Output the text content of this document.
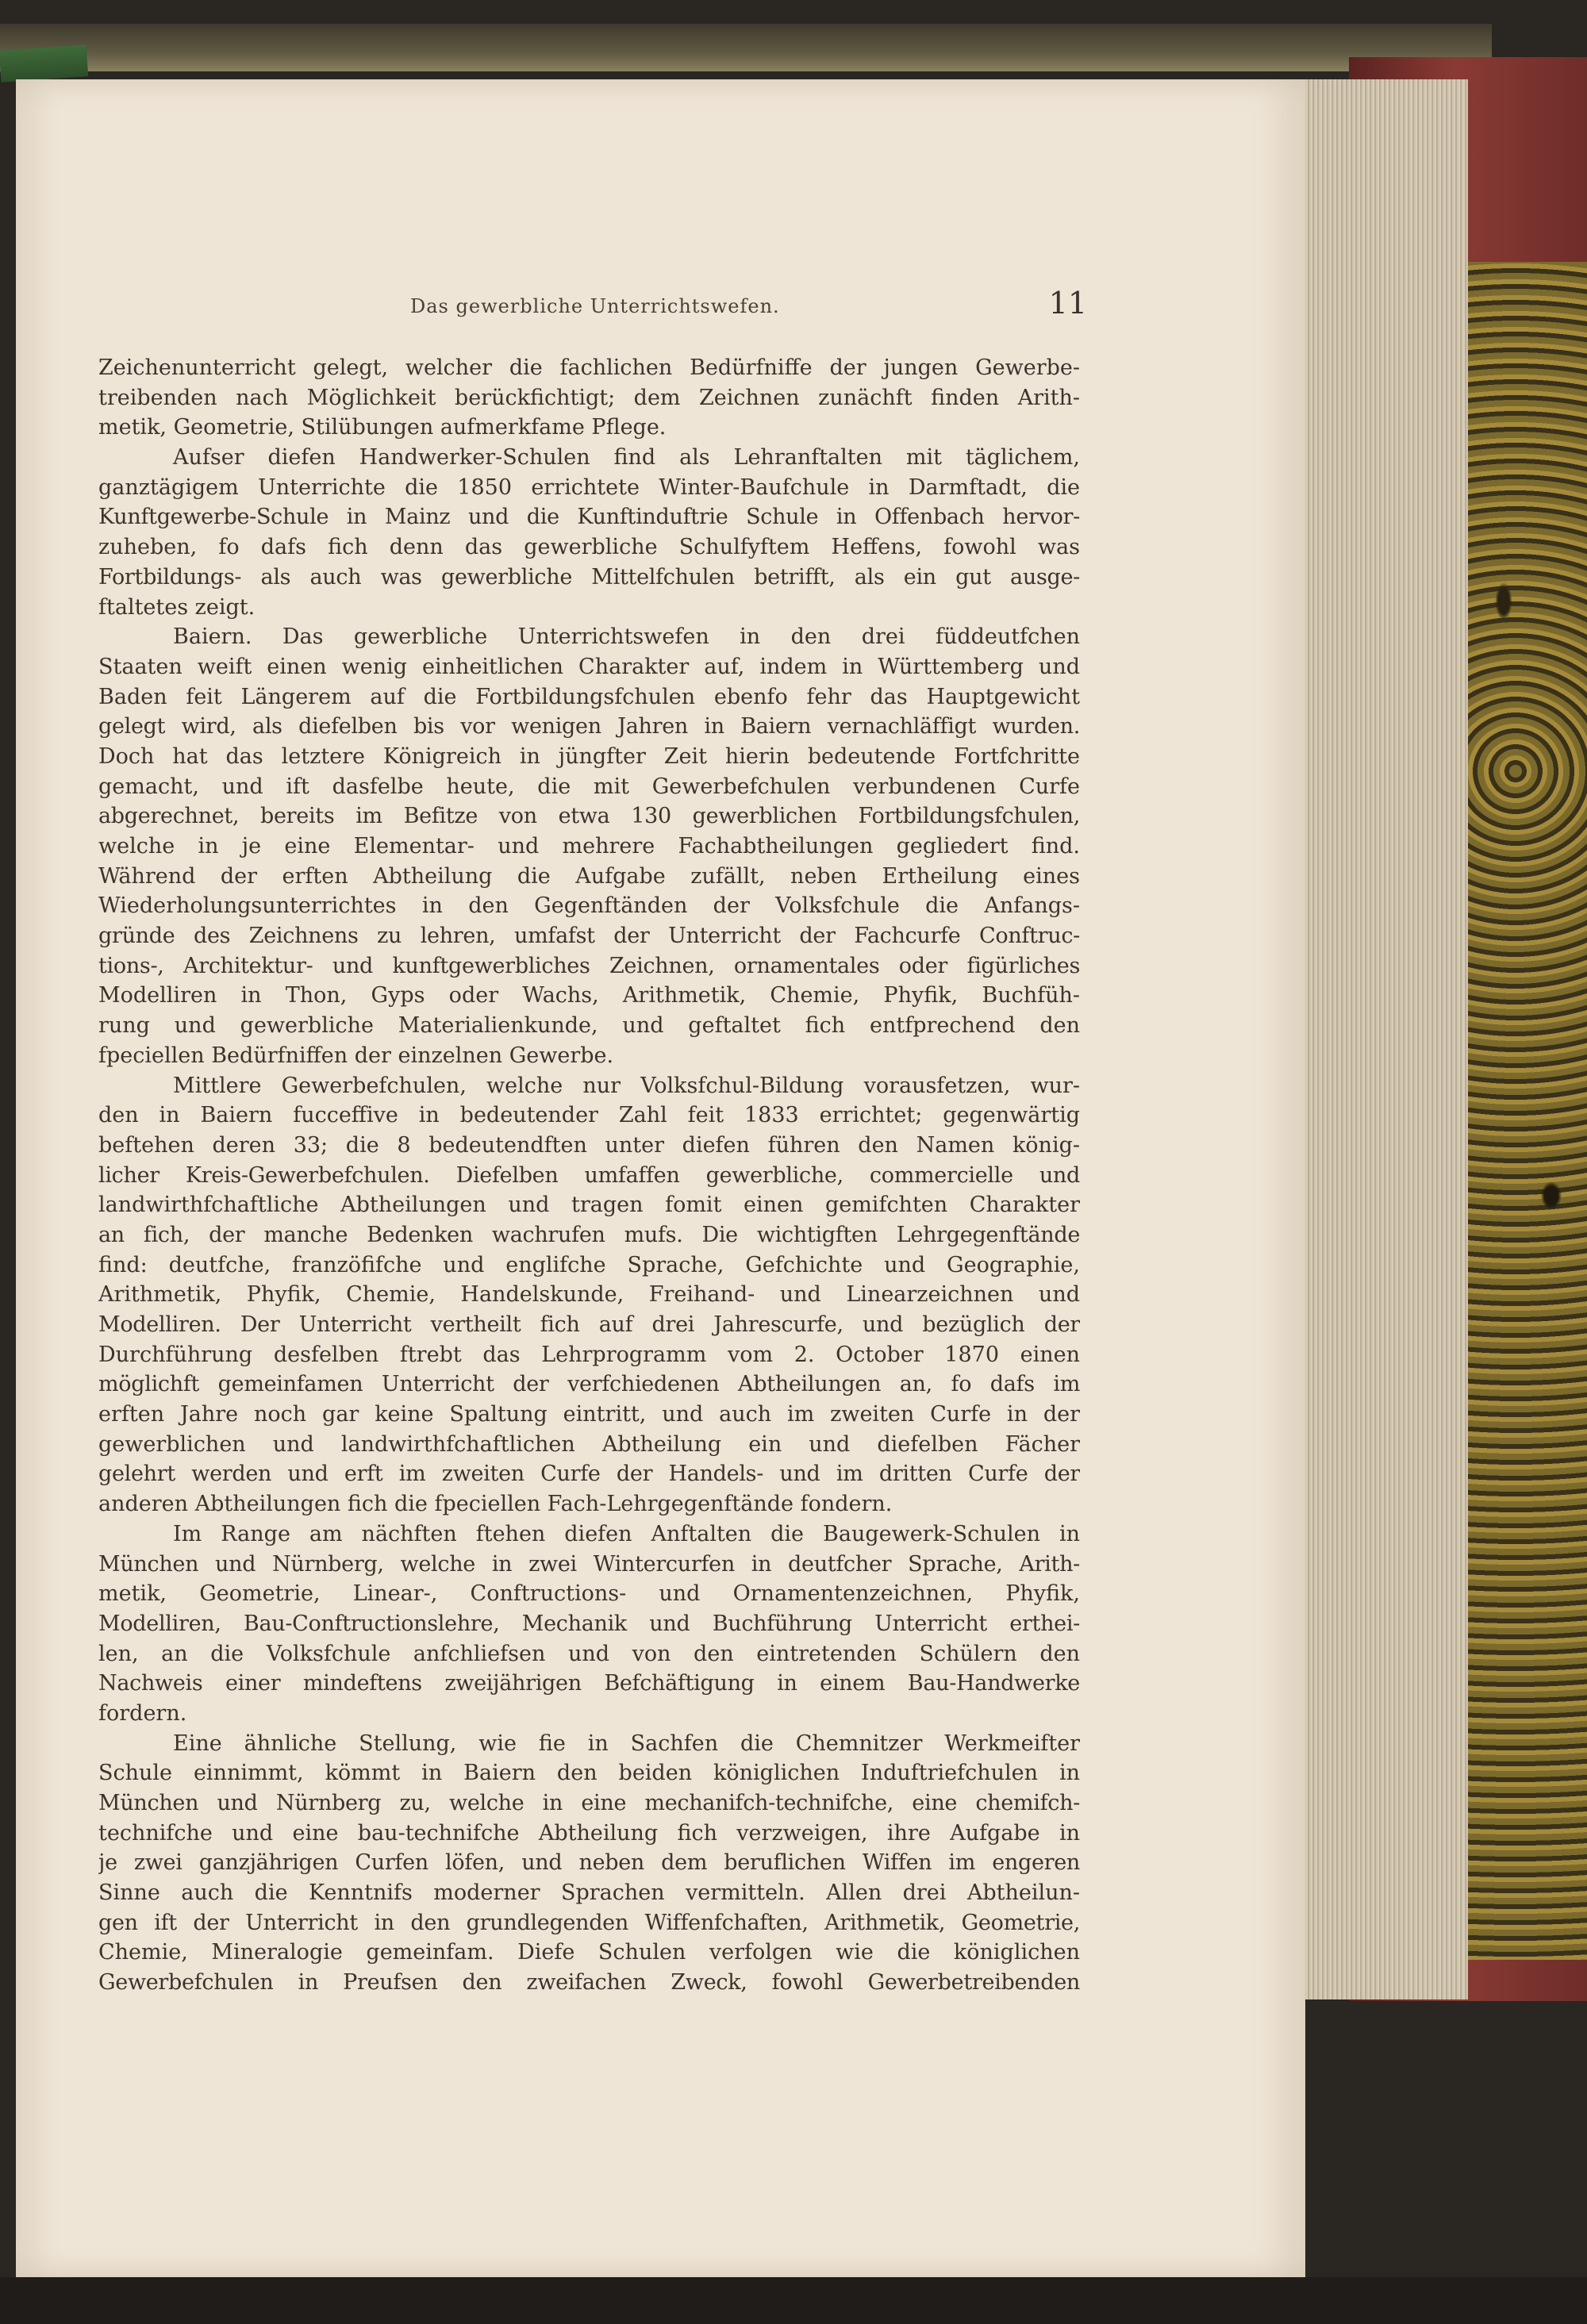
Das gewerbliche Unterrichtswefen.	11
Zeichenunterricht gelegt, welcher die fachlichen Bedürfniffe der jungen Gewerbe-
treibenden nach Möglichkeit berückfichtigt; dem Zeichnen zunächft finden Arith-
metik, Geometrie, Stilübungen aufmerkfame Pflege.
Aufser diefen Handwerker-Schulen find als Lehranftalten mit täglichem,
ganztägigem Unterrichte die 1850 errichtete Winter-Baufchule in Darmftadt, die
Kunftgewerbe-Schule in Mainz und die Kunftinduftrie Schule in Offenbach hervor-
zuheben, fo dafs fich denn das gewerbliche Schulfyftem Heffens, fowohl was
Fortbildungs- als auch was gewerbliche Mittelfchulen betrifft, als ein gut ausge-
ftaltetes zeigt.
Baiern. Das gewerbliche Unterrichtswefen in den drei füddeutfchen
Staaten weift einen wenig einheitlichen Charakter auf, indem in Württemberg und
Baden feit Längerem auf die Fortbildungsfchulen ebenfo fehr das Hauptgewicht
gelegt wird, als diefelben bis vor wenigen Jahren in Baiern vernachläffigt wurden.
Doch hat das letztere Königreich in jüngfter Zeit hierin bedeutende Fortfchritte
gemacht, und ift dasfelbe heute, die mit Gewerbefchulen verbundenen Curfe
abgerechnet, bereits im Befitze von etwa 130 gewerblichen Fortbildungsfchulen,
welche in je eine Elementar- und mehrere Fachabtheilungen gegliedert find.
Während der erften Abtheilung die Aufgabe zufällt, neben Ertheilung eines
Wiederholungsunterrichtes in den Gegenftänden der Volksfchule die Anfangs-
gründe des Zeichnens zu lehren, umfafst der Unterricht der Fachcurfe Conftruc-
tions-, Architektur- und kunftgewerbliches Zeichnen, ornamentales oder figürliches
Modelliren in Thon, Gyps oder Wachs, Arithmetik, Chemie, Phyfik, Buchfüh-
rung und gewerbliche Materialienkunde, und geftaltet fich entfprechend den
fpeciellen Bedürfniffen der einzelnen Gewerbe.
Mittlere Gewerbefchulen, welche nur Volksfchul-Bildung vorausfetzen, wur-
den in Baiern fucceffive in bedeutender Zahl feit 1833 errichtet; gegenwärtig
beftehen deren 33; die 8 bedeutendften unter diefen führen den Namen könig-
licher Kreis-Gewerbefchulen. Diefelben umfaffen gewerbliche, commercielle und
landwirthfchaftliche Abtheilungen und tragen fomit einen gemifchten Charakter
an fich, der manche Bedenken wachrufen mufs. Die wichtigften Lehrgegenftände
find: deutfche, franzöfifche und englifche Sprache, Gefchichte und Geographie,
Arithmetik, Phyfik, Chemie, Handelskunde, Freihand- und Linearzeichnen und
Modelliren. Der Unterricht vertheilt fich auf drei Jahrescurfe, und bezüglich der
Durchführung desfelben ftrebt das Lehrprogramm vom 2. October 1870 einen
möglichft gemeinfamen Unterricht der verfchiedenen Abtheilungen an, fo dafs im
erften Jahre noch gar keine Spaltung eintritt, und auch im zweiten Curfe in der
gewerblichen und landwirthfchaftlichen Abtheilung ein und diefelben Fächer
gelehrt werden und erft im zweiten Curfe der Handels- und im dritten Curfe der
anderen Abtheilungen fich die fpeciellen Fach-Lehrgegenftände fondern.
Im Range am nächften ftehen diefen Anftalten die Baugewerk-Schulen in
München und Nürnberg, welche in zwei Wintercurfen in deutfcher Sprache, Arith-
metik, Geometrie, Linear-, Conftructions- und Ornamentenzeichnen, Phyfik,
Modelliren, Bau-Conftructionslehre, Mechanik und Buchführung Unterricht erthei-
len, an die Volksfchule anfchliefsen und von den eintretenden Schülern den
Nachweis einer mindeftens zweijährigen Befchäftigung in einem Bau-Handwerke
fordern.
Eine ähnliche Stellung, wie fie in Sachfen die Chemnitzer Werkmeifter
Schule einnimmt, kömmt in Baiern den beiden königlichen Induftriefchulen in
München und Nürnberg zu, welche in eine mechanifch-technifche, eine chemifch-
technifche und eine bau-technifche Abtheilung fich verzweigen, ihre Aufgabe in
je zwei ganzjährigen Curfen löfen, und neben dem beruflichen Wiffen im engeren
Sinne auch die Kenntnifs moderner Sprachen vermitteln. Allen drei Abtheilun-
gen ift der Unterricht in den grundlegenden Wiffenfchaften, Arithmetik, Geometrie,
Chemie, Mineralogie gemeinfam. Diefe Schulen verfolgen wie die königlichen
Gewerbefchulen in Preufsen den zweifachen Zweck, fowohl Gewerbetreibenden
